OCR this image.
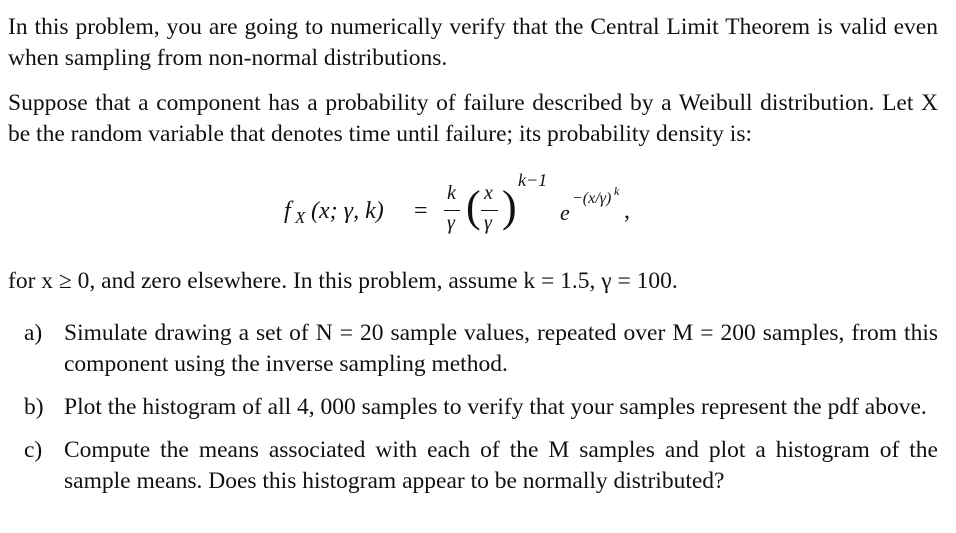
In this problem, you are going to numerically verify that the Central Limit Theorem is valid even when sampling from non-normal distributions.

Suppose that a component has a probability of failure described by a Weibull distribution. Let X be the random variable that denotes time until failure; its probability density is:

f X (x; γ, k) =
k
γ ( x
γ )
k−1
e
−(x/γ) k
,

for x ≥ 0, and zero elsewhere. In this problem, assume k = 1.5, γ = 100.

a) Simulate drawing a set of N = 20 sample values, repeated over M = 200 samples, from this component using the inverse sampling method.

b) Plot the histogram of all 4, 000 samples to verify that your samples represent the pdf above.

c) Compute the means associated with each of the M samples and plot a histogram of the sample means. Does this histogram appear to be normally distributed?
